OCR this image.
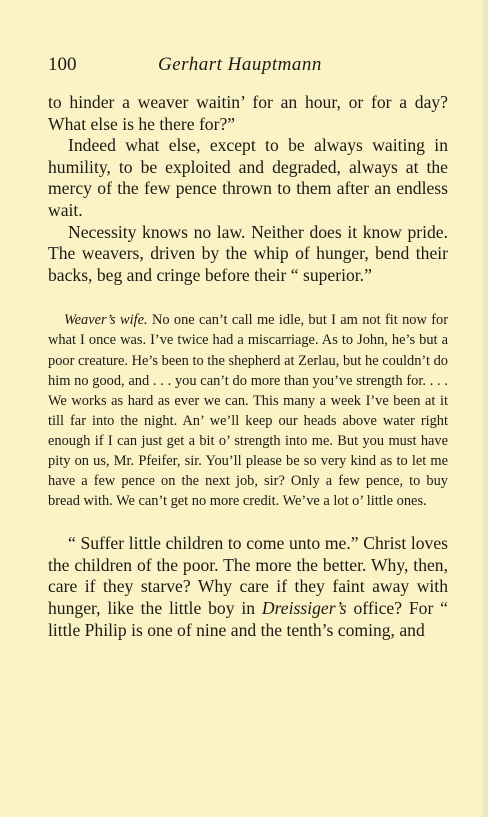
100	Gerhart Hauptmann

to hinder a weaver waitin’ for an hour, or for a day? What else is he there for?”

Indeed what else, except to be always waiting in humility, to be exploited and degraded, always at the mercy of the few pence thrown to them after an endless wait.

Necessity knows no law. Neither does it know pride. The weavers, driven by the whip of hunger, bend their backs, beg and cringe before their “ superior.”

Weaver’s wife. No one can’t call me idle, but I am not fit now for what I once was. I’ve twice had a miscarriage. As to John, he’s but a poor creature. He’s been to the shepherd at Zerlau, but he couldn’t do him no good, and . . . you can’t do more than you’ve strength for. . . . We works as hard as ever we can. This many a week I’ve been at it till far into the night. An’ we’ll keep our heads above water right enough if I can just get a bit o’ strength into me. But you must have pity on us, Mr. Pfeifer, sir. You’ll please be so very kind as to let me have a few pence on the next job, sir? Only a few pence, to buy bread with. We can’t get no more credit. We’ve a lot o’ little ones.

“ Suffer little children to come unto me.” Christ loves the children of the poor. The more the better. Why, then, care if they starve? Why care if they faint away with hunger, like the little boy in Dreissiger’s office? For “ little Philip is one of nine and the tenth’s coming, and
